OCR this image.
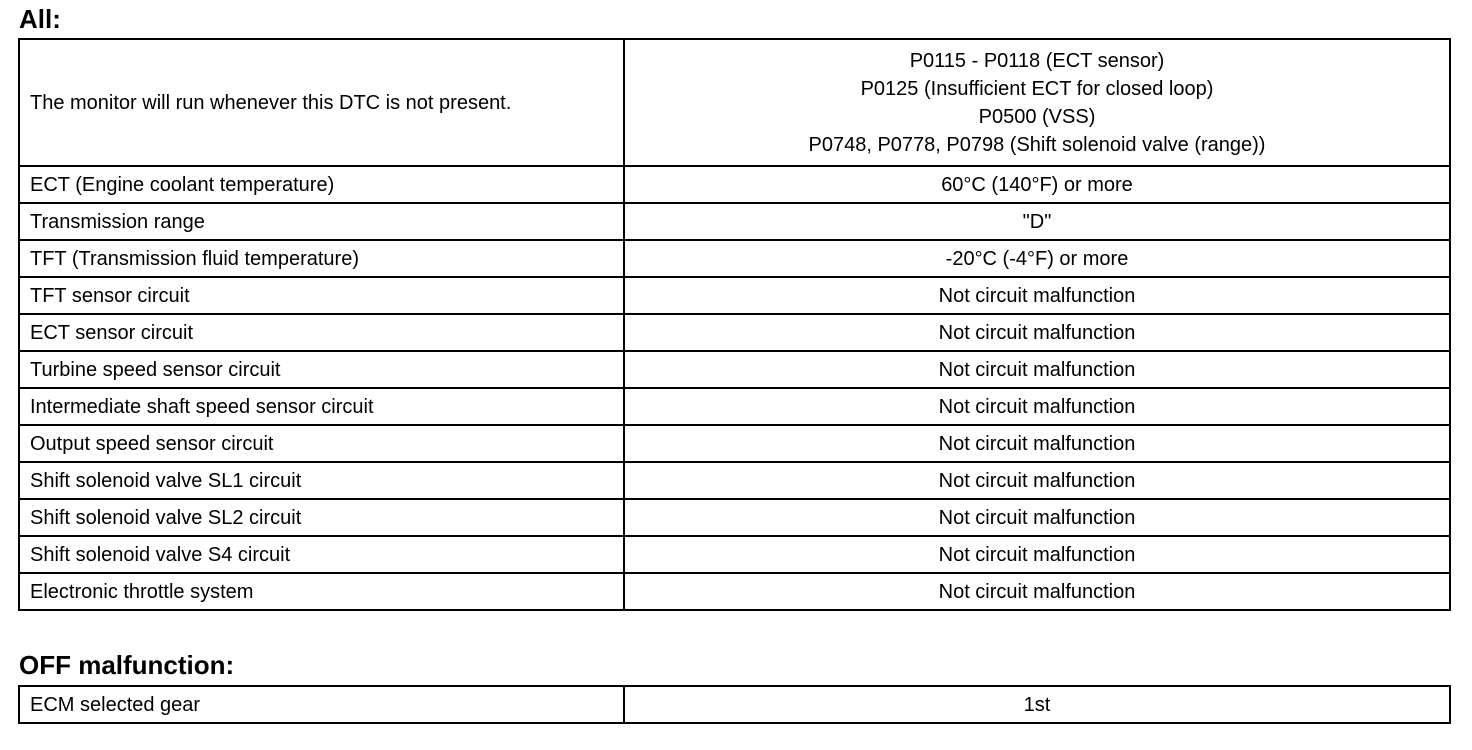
All:
The monitor will run whenever this DTC is not present.	P0115 - P0118 (ECT sensor)
P0125 (Insufficient ECT for closed loop)
P0500 (VSS)
P0748, P0778, P0798 (Shift solenoid valve (range))

ECT (Engine coolant temperature)	60°C (140°F) or more
Transmission range	"D"
TFT (Transmission fluid temperature)	-20°C (-4°F) or more
TFT sensor circuit	Not circuit malfunction
ECT sensor circuit	Not circuit malfunction
Turbine speed sensor circuit	Not circuit malfunction
Intermediate shaft speed sensor circuit	Not circuit malfunction
Output speed sensor circuit	Not circuit malfunction
Shift solenoid valve SL1 circuit	Not circuit malfunction
Shift solenoid valve SL2 circuit	Not circuit malfunction
Shift solenoid valve S4 circuit	Not circuit malfunction
Electronic throttle system	Not circuit malfunction
OFF malfunction:
ECM selected gear	1st
